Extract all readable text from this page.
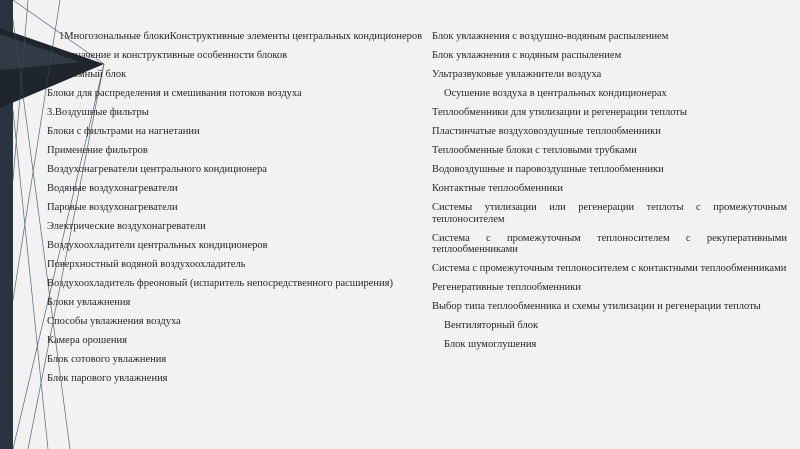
1Многозональные блокиКонструктивные элементы центральных кондиционеров
Назначение и конструктивные особенности блоков
2.Приемный блок
Блоки для распределения и смешивания потоков воздуха
3.Воздушные фильтры
Блоки с фильтрами на нагнетании
Применение фильтров
Воздухонагреватели центрального кондиционера
Водяные воздухонагреватели
Паровые воздухонагреватели
Электрические воздухонагреватели
Воздухоохладители центральных кондиционеров
Поверхностный водяной воздухоохладитель
Воздухоохладитель фреоновый (испаритель непосредственного расширения)
Блоки увлажнения
Способы увлажнения воздуха
Камера орошения
Блок сотового увлажнения
Блок парового увлажнения
Блок увлажнения с воздушно-водяным распылением
Блок увлажнения с водяным распылением
Ультразвуковые увлажнители воздуха
Осушение воздуха в центральных кондиционерах
Теплообменники для утилизации и регенерации теплоты
Пластинчатые воздуховоздушные теплообменники
Теплообменные блоки с тепловыми трубками
Водовоздушные и паровоздушные теплообменники
Контактные теплообменники
Системы утилизации или регенерации теплоты с промежуточным теплоносителем
Система с промежуточным теплоносителем с рекуперативными теплообменниками
Система с промежуточным теплоносителем с контактными теплообменниками
Регенеративные теплообменники
Выбор типа теплообменника и схемы утилизации и регенерации теплоты
Вентиляторный блок
Блок шумоглушения
